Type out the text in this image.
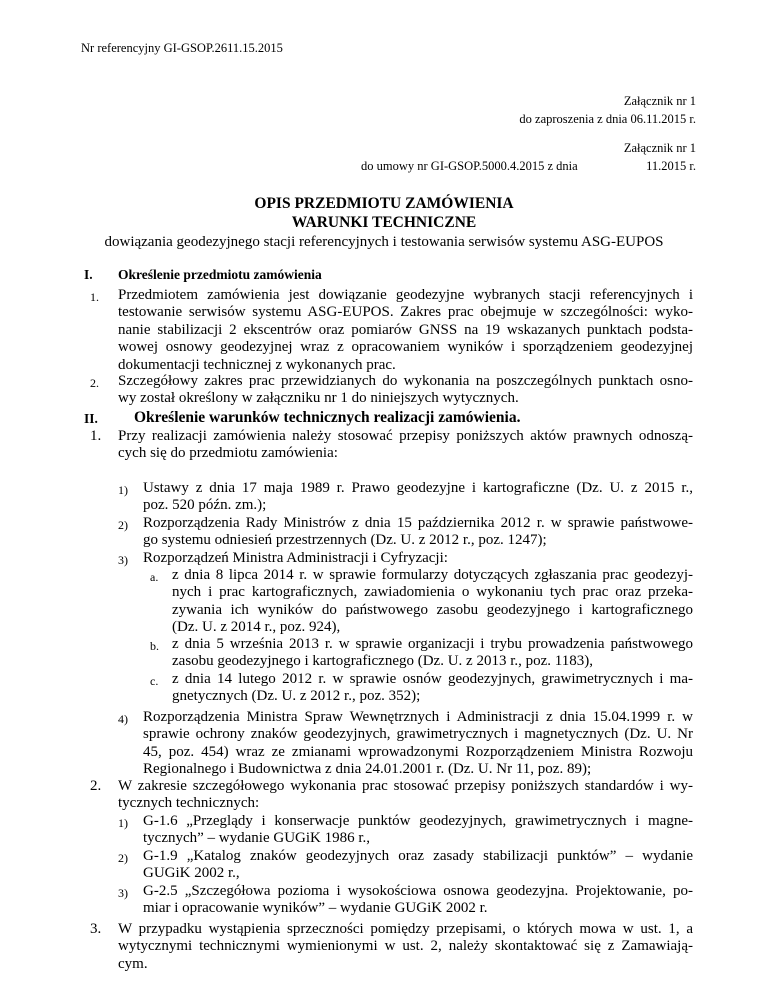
Nr referencyjny GI-GSOP.2611.15.2015
Załącznik nr 1
do zaproszenia z dnia 06.11.2015 r.
Załącznik nr 1
do umowy nr GI-GSOP.5000.4.2015 z dnia	11.2015 r.
OPIS PRZEDMIOTU ZAMÓWIENIA
WARUNKI TECHNICZNE
dowiązania geodezyjnego stacji referencyjnych i testowania serwisów systemu ASG-EUPOS
I. Określenie przedmiotu zamówienia
1. Przedmiotem zamówienia jest dowiązanie geodezyjne wybranych stacji referencyjnych i
testowanie serwisów systemu ASG-EUPOS. Zakres prac obejmuje w szczególności: wyko-
nanie stabilizacji 2 ekscentrów oraz pomiarów GNSS na 19 wskazanych punktach podsta-
wowej osnowy geodezyjnej wraz z opracowaniem wyników i sporządzeniem geodezyjnej
dokumentacji technicznej z wykonanych prac.
2. Szczegółowy zakres prac przewidzianych do wykonania na poszczególnych punktach osno-
wy został określony w załączniku nr 1 do niniejszych wytycznych.
II. Określenie warunków technicznych realizacji zamówienia.
1. Przy realizacji zamówienia należy stosować przepisy poniższych aktów prawnych odnoszą-
cych się do przedmiotu zamówienia:
1) Ustawy z dnia 17 maja 1989 r. Prawo geodezyjne i kartograficzne (Dz. U. z 2015 r.,
poz. 520 późn. zm.);
2) Rozporządzenia Rady Ministrów z dnia 15 października 2012 r. w sprawie państwowe-
go systemu odniesień przestrzennych (Dz. U. z 2012 r., poz. 1247);
3) Rozporządzeń Ministra Administracji i Cyfryzacji:
a. z dnia 8 lipca 2014 r. w sprawie formularzy dotyczących zgłaszania prac geodezyj-
nych i prac kartograficznych, zawiadomienia o wykonaniu tych prac oraz przeka-
zywania ich wyników do państwowego zasobu geodezyjnego i kartograficznego
(Dz. U. z 2014 r., poz. 924),
b. z dnia 5 września 2013 r. w sprawie organizacji i trybu prowadzenia państwowego
zasobu geodezyjnego i kartograficznego (Dz. U. z 2013 r., poz. 1183),
c. z dnia 14 lutego 2012 r. w sprawie osnów geodezyjnych, grawimetrycznych i ma-
gnetycznych (Dz. U. z 2012 r., poz. 352);
4) Rozporządzenia Ministra Spraw Wewnętrznych i Administracji z dnia 15.04.1999 r. w
sprawie ochrony znaków geodezyjnych, grawimetrycznych i magnetycznych (Dz. U. Nr
45, poz. 454) wraz ze zmianami wprowadzonymi Rozporządzeniem Ministra Rozwoju
Regionalnego i Budownictwa z dnia 24.01.2001 r. (Dz. U. Nr 11, poz. 89);
2. W zakresie szczegółowego wykonania prac stosować przepisy poniższych standardów i wy-
tycznych technicznych:
1) G-1.6 „Przeglądy i konserwacje punktów geodezyjnych, grawimetrycznych i magne-
tycznych” – wydanie GUGiK 1986 r.,
2) G-1.9 „Katalog znaków geodezyjnych oraz zasady stabilizacji punktów” – wydanie
GUGiK 2002 r.,
3) G-2.5 „Szczegółowa pozioma i wysokościowa osnowa geodezyjna. Projektowanie, po-
miar i opracowanie wyników” – wydanie GUGiK 2002 r.
3. W przypadku wystąpienia sprzeczności pomiędzy przepisami, o których mowa w ust. 1, a
wytycznymi technicznymi wymienionymi w ust. 2, należy skontaktować się z Zamawiają-
cym.
